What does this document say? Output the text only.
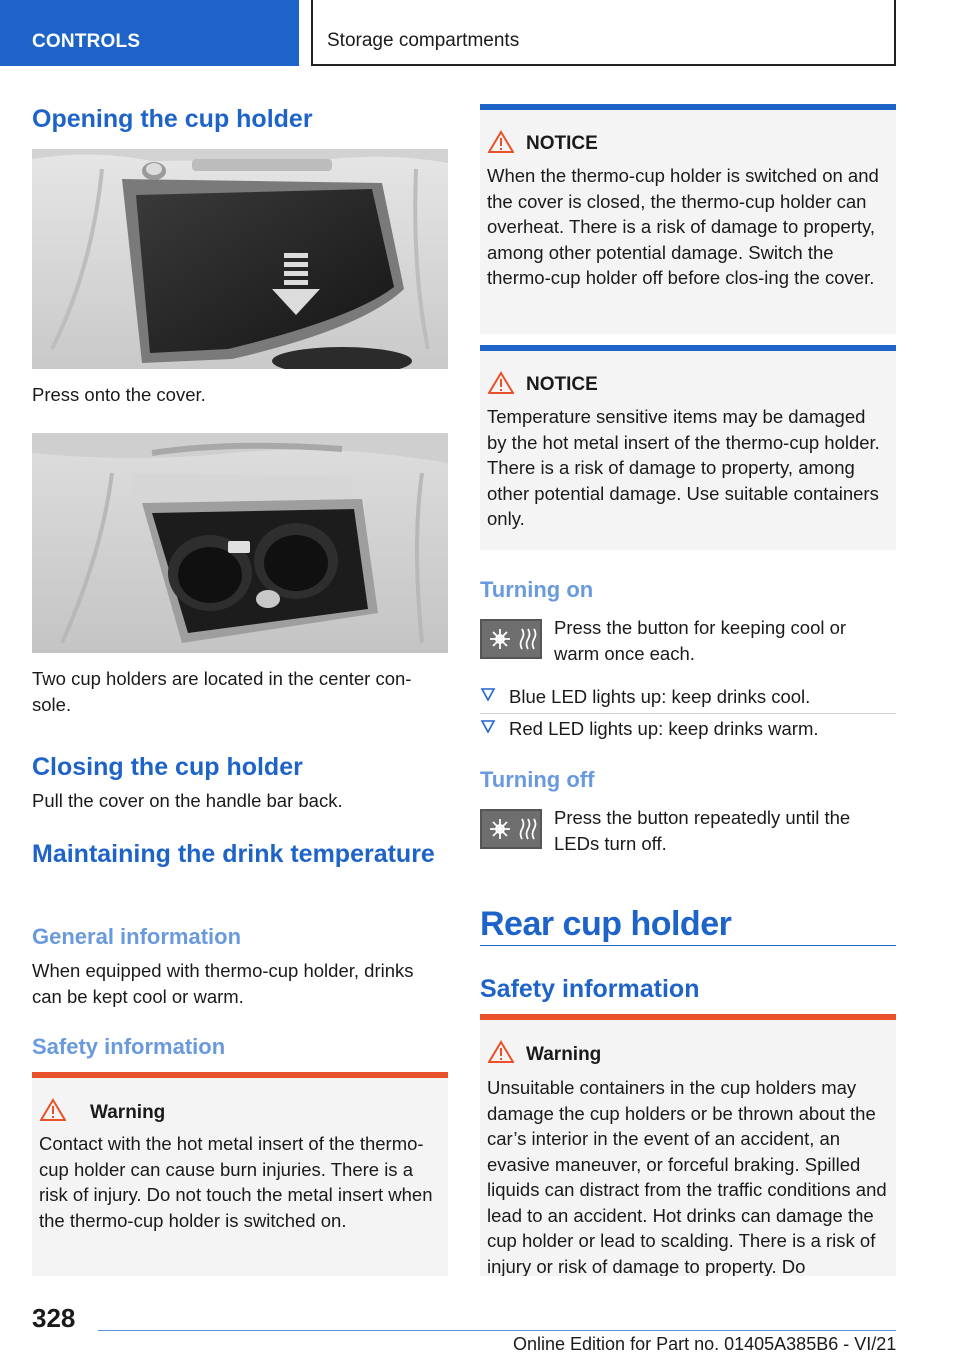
CONTROLS	Storage compartments
Opening the cup holder

Press onto the cover.

Two cup holders are located in the center con‐sole.

Closing the cup holder

Pull the cover on the handle bar back.

Maintaining the drink temperature
General information

When equipped with thermo-cup holder, drinks can be kept cool or warm.

Safety information
Warning

Contact with the hot metal insert of the thermo-cup holder can cause burn injuries. There is a risk of injury. Do not touch the metal insert when the thermo-cup holder is switched on.

NOTICE

When the thermo-cup holder is switched on and the cover is closed, the thermo-cup holder can overheat. There is a risk of damage to property, among other potential damage. Switch the thermo-cup holder off before clos‐ing the cover.

NOTICE

Temperature sensitive items may be damaged by the hot metal insert of the thermo-cup holder. There is a risk of damage to property, among other potential damage. Use suitable containers only.

Turning on

Press the button for keeping cool or warm once each.

Blue LED lights up: keep drinks cool.
Red LED lights up: keep drinks warm.
Turning off

Press the button repeatedly until the LEDs turn off.

Rear cup holder
Safety information
Warning

Unsuitable containers in the cup holders may damage the cup holders or be thrown about the car’s interior in the event of an accident, an evasive maneuver, or forceful braking. Spilled liquids can distract from the traffic conditions and lead to an accident. Hot drinks can damage the cup holder or lead to scalding. There is a risk of injury or risk of damage to property. Do

328
Online Edition for Part no. 01405A385B6 - VI/21
